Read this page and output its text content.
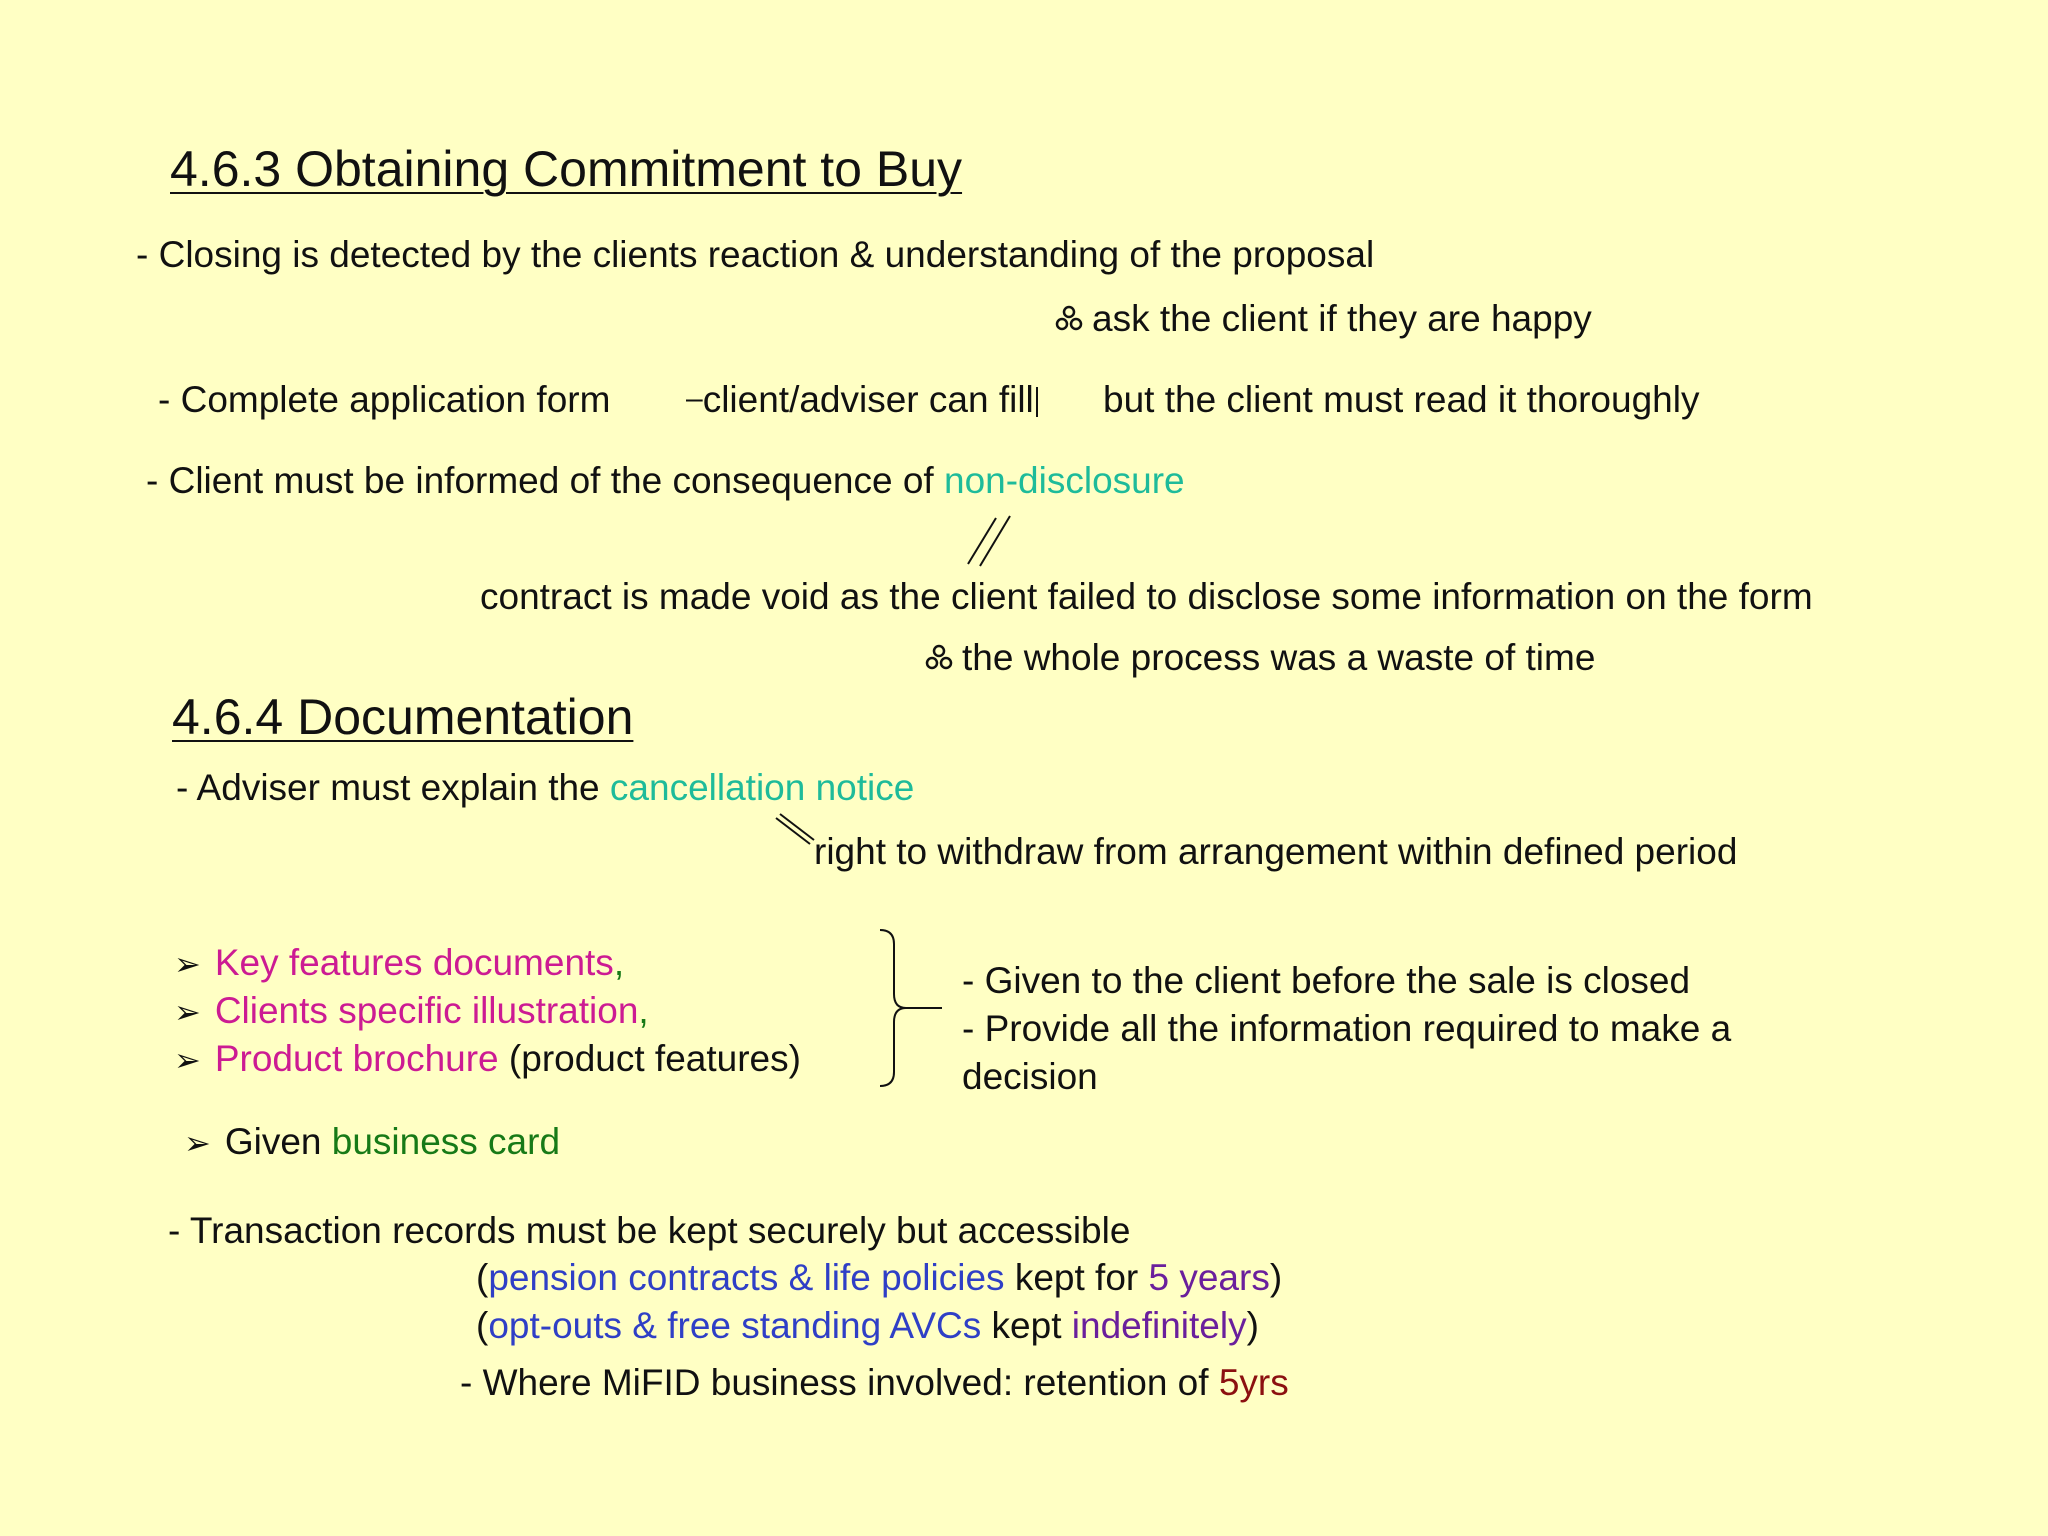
4.6.3 Obtaining Commitment to Buy
- Closing is detected by the clients reaction & understanding of the proposal
ask the client if they are happy
- Complete application form	–client/adviser can fill but the client must read it thoroughly
- Client must be informed of the consequence of non-disclosure
contract is made void as the client failed to disclose some information on the form
the whole process was a waste of time
4.6.4 Documentation
- Adviser must explain the cancellation notice
right to withdraw from arrangement within defined period
➢ Key features documents,
➢ Clients specific illustration,
➢ Product brochure (product features)
- Given to the client before the sale is closed
- Provide all the information required to make a
decision
➢ Given business card
- Transaction records must be kept securely but accessible
(pension contracts & life policies kept for 5 years)
(opt-outs & free standing AVCs kept indefinitely)
- Where MiFID business involved: retention of 5yrs
